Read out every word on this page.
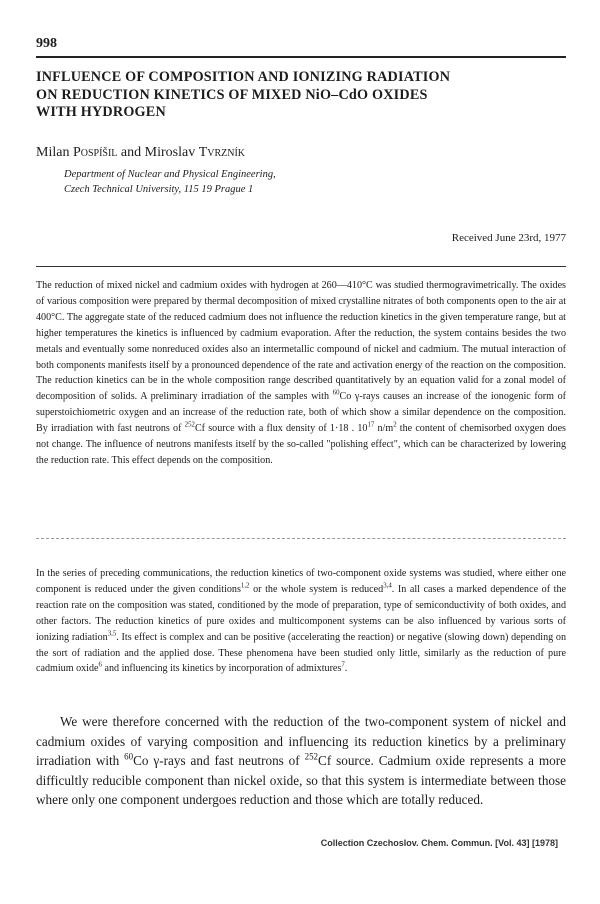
998
INFLUENCE OF COMPOSITION AND IONIZING RADIATION
ON REDUCTION KINETICS OF MIXED NiO–CdO OXIDES
WITH HYDROGEN
Milan Pospíšil and Miroslav Tvrzník
Department of Nuclear and Physical Engineering,
Czech Technical University, 115 19 Prague 1
Received June 23rd, 1977
The reduction of mixed nickel and cadmium oxides with hydrogen at 260—410°C was studied thermogravimetrically. The oxides of various composition were prepared by thermal decomposition of mixed crystalline nitrates of both components open to the air at 400°C. The aggregate state of the reduced cadmium does not influence the reduction kinetics in the given temperature range, but at higher temperatures the kinetics is influenced by cadmium evaporation. After the reduction, the system contains besides the two metals and eventually some nonreduced oxides also an intermetallic compound of nickel and cadmium. The mutual interaction of both components manifests itself by a pronounced dependence of the rate and activation energy of the reaction on the composition. The reduction kinetics can be in the whole composition range described quantitatively by an equation valid for a zonal model of decomposition of solids. A preliminary irradiation of the samples with $^{60}$Co γ-rays causes an increase of the ionogenic form of superstoichiometric oxygen and an increase of the reduction rate, both of which show a similar dependence on the composition. By irradiation with fast neutrons of $^{252}$Cf source with a flux density of 1·18 . $10^{17}$ $n/m^2$ the content of chemisorbed oxygen does not change. The influence of neutrons manifests itself by the so-called "polishing effect", which can be characterized by lowering the reduction rate. This effect depends on the composition.
In the series of preceding communications, the reduction kinetics of two-component oxide systems was studied, where either one component is reduced under the given conditions$^{1,2}$ or the whole system is reduced$^{3,4}$. In all cases a marked dependence of the reaction rate on the composition was stated, conditioned by the mode of preparation, type of semiconductivity of both oxides, and other factors. The reduction kinetics of pure oxides and multicomponent systems can be also influenced by various sorts of ionizing radiation$^{3,5}$. Its effect is complex and can be positive (accelerating the reaction) or negative (slowing down) depending on the sort of radiation and the applied dose. These phenomena have been studied only little, similarly as the reduction of pure cadmium oxide$^6$ and influencing its kinetics by incorporation of admixtures$^7$.
We were therefore concerned with the reduction of the two-component system of nickel and cadmium oxides of varying composition and influencing its reduction kinetics by a preliminary irradiation with $^{60}$Co γ-rays and fast neutrons of $^{252}$Cf source. Cadmium oxide represents a more difficultly reducible component than nickel oxide, so that this system is intermediate between those where only one component undergoes reduction and those which are totally reduced.
Collection Czechoslov. Chem. Commun. [Vol. 43] [1978]
